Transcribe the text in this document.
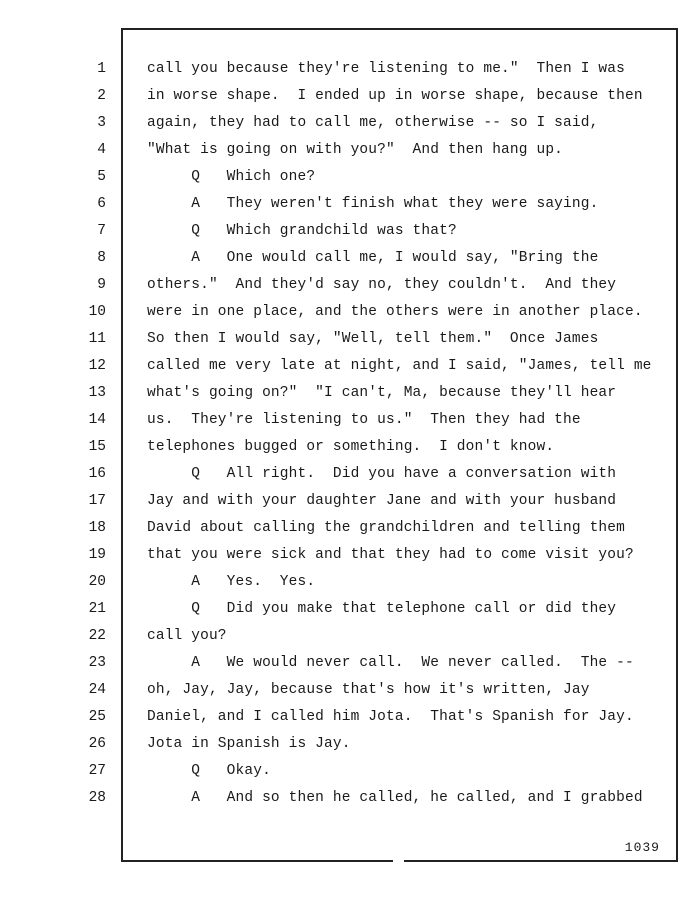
1
2
3
4
5
6
7
8
9
10
11
12
13
14
15
16
17
18
19
20
21
22
23
24
25
26
27
28
call you because they're listening to me."  Then I was
in worse shape.  I ended up in worse shape, because then
again, they had to call me, otherwise -- so I said,
"What is going on with you?"  And then hang up.
Q   Which one?
A   They weren't finish what they were saying.
Q   Which grandchild was that?
A   One would call me, I would say, "Bring the
others."  And they'd say no, they couldn't.  And they
were in one place, and the others were in another place.
So then I would say, "Well, tell them."  Once James
called me very late at night, and I said, "James, tell me
what's going on?"  "I can't, Ma, because they'll hear
us.  They're listening to us."  Then they had the
telephones bugged or something.  I don't know.
Q   All right.  Did you have a conversation with
Jay and with your daughter Jane and with your husband
David about calling the grandchildren and telling them
that you were sick and that they had to come visit you?
A   Yes.  Yes.
Q   Did you make that telephone call or did they
call you?
A   We would never call.  We never called.  The --
oh, Jay, Jay, because that's how it's written, Jay
Daniel, and I called him Jota.  That's Spanish for Jay.
Jota in Spanish is Jay.
Q   Okay.
A   And so then he called, he called, and I grabbed
1039
